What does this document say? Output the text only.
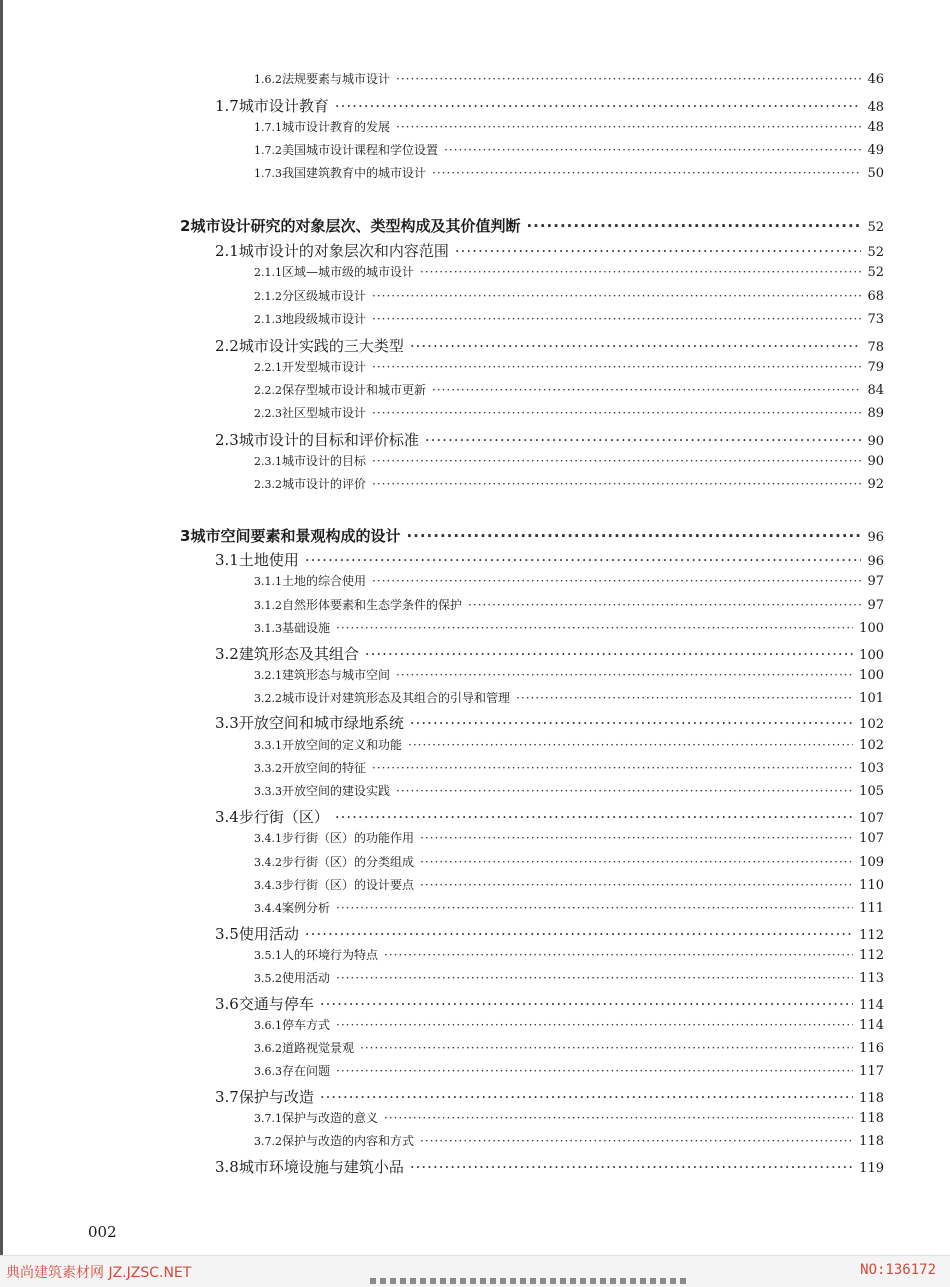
1.6.2 法规要素与城市设计 ·····	46
1.7 城市设计教育 ·····	48
1.7.1 城市设计教育的发展 ·····	48
1.7.2 美国城市设计课程和学位设置 ·····	49
1.7.3 我国建筑教育中的城市设计 ·····	50
2 城市设计研究的对象层次、类型构成及其价值判断 ·····	52
2.1 城市设计的对象层次和内容范围 ·····	52
2.1.1 区域—城市级的城市设计 ·····	52
2.1.2 分区级城市设计 ·····	68
2.1.3 地段级城市设计 ·····	73
2.2 城市设计实践的三大类型 ·····	78
2.2.1 开发型城市设计 ·····	79
2.2.2 保存型城市设计和城市更新 ·····	84
2.2.3 社区型城市设计 ·····	89
2.3 城市设计的目标和评价标准 ·····	90
2.3.1 城市设计的目标 ·····	90
2.3.2 城市设计的评价 ·····	92
3 城市空间要素和景观构成的设计 ·····	96
3.1 土地使用 ·····	96
3.1.1 土地的综合使用 ·····	97
3.1.2 自然形体要素和生态学条件的保护 ·····	97
3.1.3 基础设施 ·····	100
3.2 建筑形态及其组合 ·····	100
3.2.1 建筑形态与城市空间 ·····	100
3.2.2 城市设计对建筑形态及其组合的引导和管理 ·····	101
3.3 开放空间和城市绿地系统 ·····	102
3.3.1 开放空间的定义和功能 ·····	102
3.3.2 开放空间的特征 ·····	103
3.3.3 开放空间的建设实践 ·····	105
3.4 步行街（区） ·····	107
3.4.1 步行街（区）的功能作用 ·····	107
3.4.2 步行街（区）的分类组成 ·····	109
3.4.3 步行街（区）的设计要点 ·····	110
3.4.4 案例分析 ·····	111
3.5 使用活动 ·····	112
3.5.1 人的环境行为特点 ·····	112
3.5.2 使用活动 ·····	113
3.6 交通与停车 ·····	114
3.6.1 停车方式 ·····	114
3.6.2 道路视觉景观 ·····	116
3.6.3 存在问题 ·····	117
3.7 保护与改造 ·····	118
3.7.1 保护与改造的意义 ·····	118
3.7.2 保护与改造的内容和方式 ·····	118
3.8 城市环境设施与建筑小品 ·····	119
002
典尚建筑素材网 JZ.JZSC.NET	NO:136172
